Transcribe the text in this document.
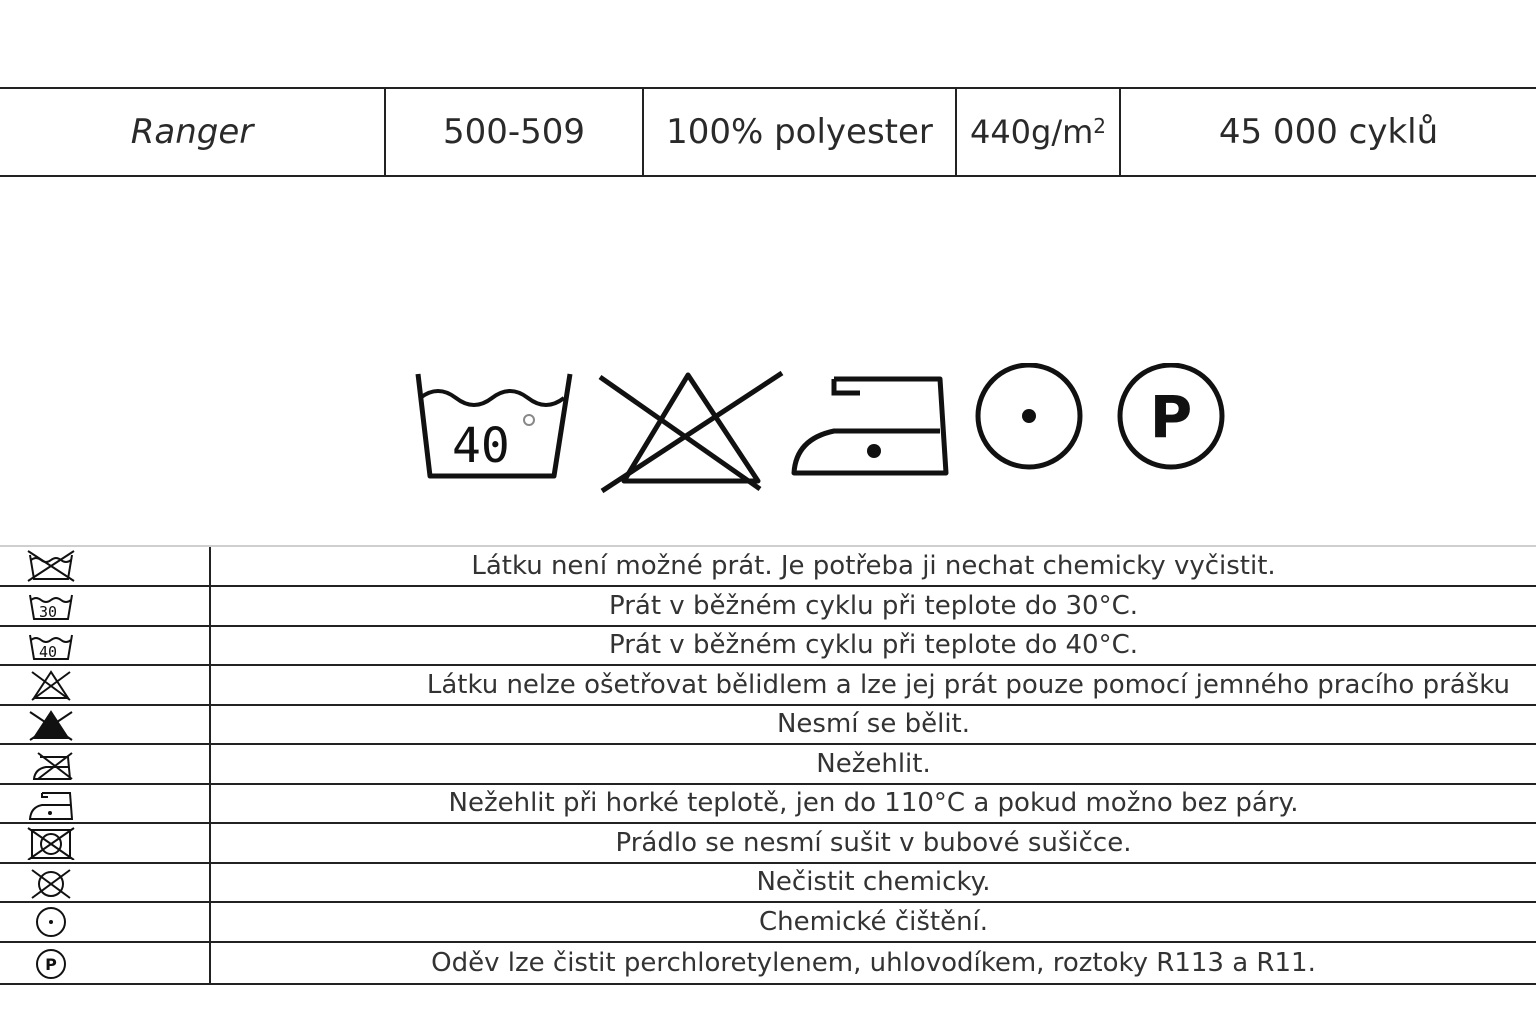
Ranger	500-509	100% polyester	$440g/m^2$	45 000 cyklů
40	P
Látku není možné prát. Je potřeba ji nechat chemicky vyčistit.
30	Prát v běžném cyklu při teplote do 30°C.
40	Prát v běžném cyklu při teplote do 40°C.
Látku nelze ošetřovat bělidlem a lze jej prát pouze pomocí jemného pracího prášku
Nesmí se bělit.
Nežehlit.
Nežehlit při horké teplotě, jen do 110°C a pokud možno bez páry.
Prádlo se nesmí sušit v bubové sušičce.
Nečistit chemicky.
Chemické čištění.
P	Oděv lze čistit perchloretylenem, uhlovodíkem, roztoky R113 a R11.
